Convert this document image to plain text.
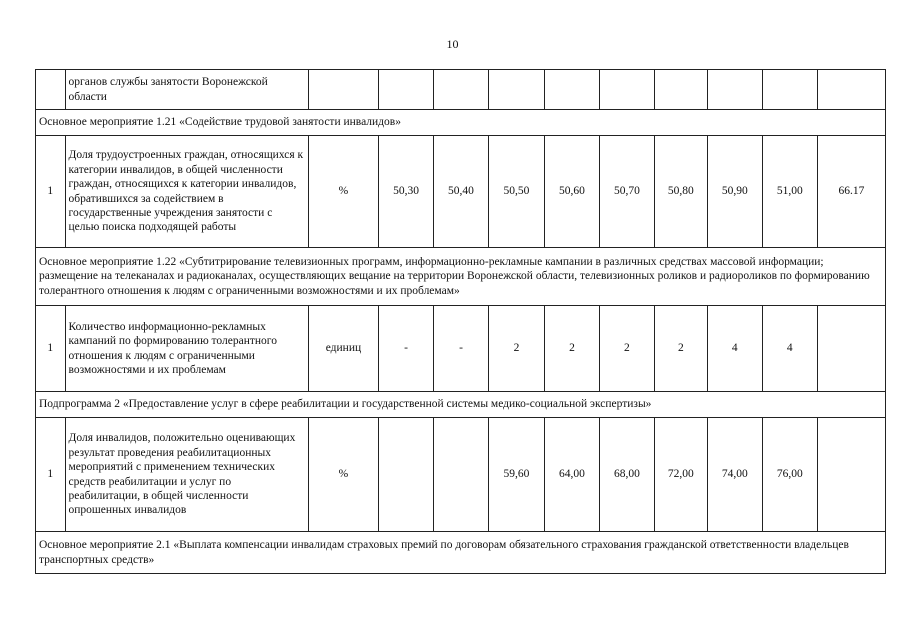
10
	органов службы занятости Воронежской области										
Основное мероприятие 1.21 «Содействие трудовой занятости инвалидов»											
1	Доля трудоустроенных граждан, относящихся к категории инвалидов, в общей численности граждан, относящихся к категории инвалидов, обратившихся за содействием в государственные учреждения занятости с целью поиска подходящей работы	%	50,30	50,40	50,50	50,60	50,70	50,80	50,90	51,00	66.17
Основное мероприятие 1.22 «Субтитрирование телевизионных программ, информационно-рекламные кампании в различных средствах массовой информации; размещение на телеканалах и радиоканалах, осуществляющих вещание на территории Воронежской области, телевизионных роликов и радиороликов по формированию толерантного отношения к людям с ограниченными возможностями и их проблемам»											
1	Количество информационно-рекламных кампаний по формированию толерантного отношения к людям с ограниченными возможностями и их проблемам	единиц	-	-	2	2	2	2	4	4	
Подпрограмма 2 «Предоставление услуг в сфере реабилитации и государственной системы медико-социальной экспертизы»											
1	Доля инвалидов, положительно оценивающих результат проведения реабилитационных мероприятий с применением технических средств реабилитации и услуг по реабилитации, в общей численности опрошенных инвалидов	%			59,60	64,00	68,00	72,00	74,00	76,00	
Основное мероприятие 2.1 «Выплата компенсации инвалидам страховых премий по договорам обязательного страхования гражданской ответственности владельцев транспортных средств»											
